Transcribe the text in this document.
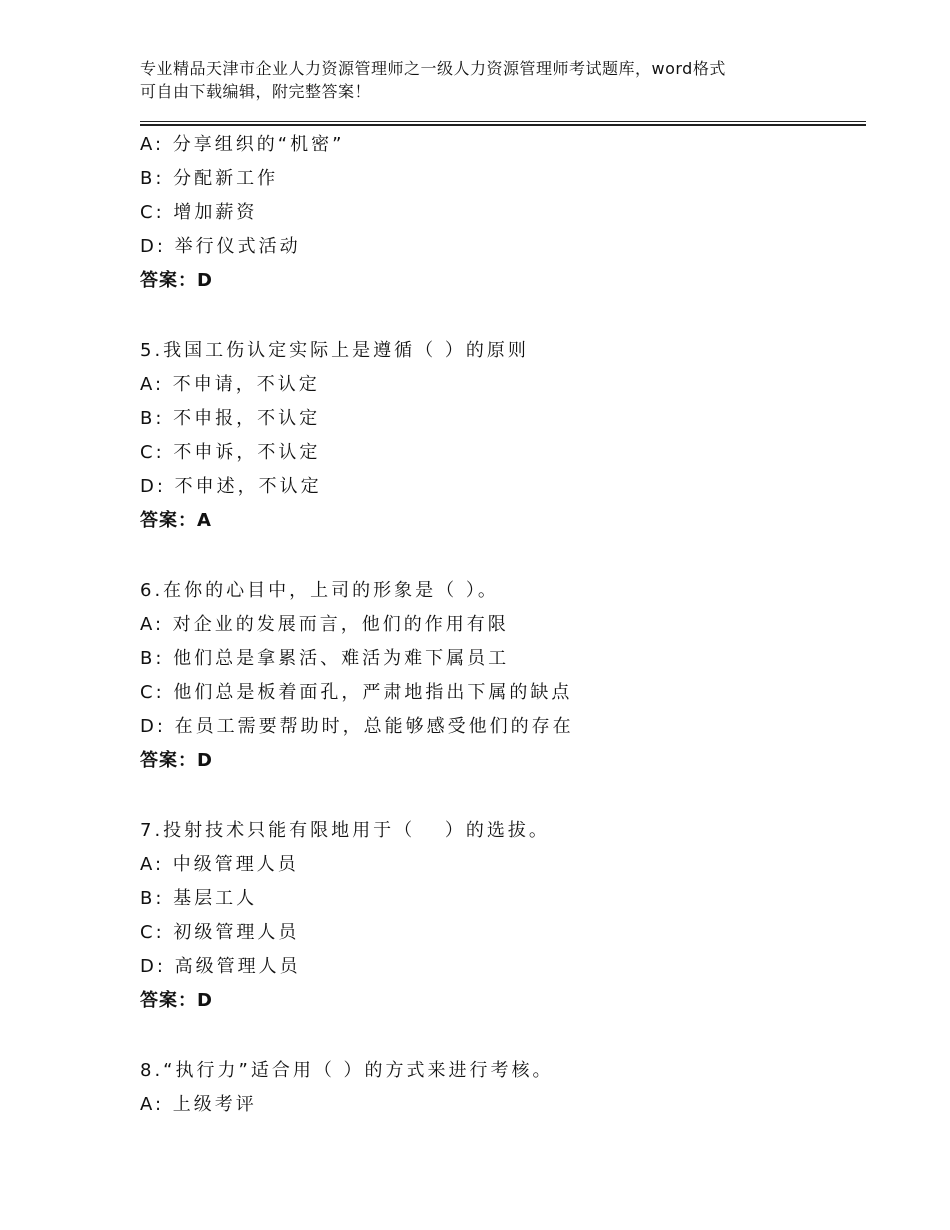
专业精品天津市企业人力资源管理师之一级人力资源管理师考试题库，word格式
可自由下载编辑，附完整答案！
A: 分享组织的“机密”
B: 分配新工作
C: 增加薪资
D: 举行仪式活动
答案：D
5.我国工伤认定实际上是遵循（ ）的原则
A: 不申请，不认定
B: 不申报，不认定
C: 不申诉，不认定
D: 不申述，不认定
答案：A
6.在你的心目中，上司的形象是（ ）。
A: 对企业的发展而言，他们的作用有限
B: 他们总是拿累活、难活为难下属员工
C: 他们总是板着面孔，严肃地指出下属的缺点
D: 在员工需要帮助时，总能够感受他们的存在
答案：D
7.投射技术只能有限地用于（　 ）的选拔。
A: 中级管理人员
B: 基层工人
C: 初级管理人员
D: 高级管理人员
答案：D
8.“执行力”适合用（ ）的方式来进行考核。
A: 上级考评
